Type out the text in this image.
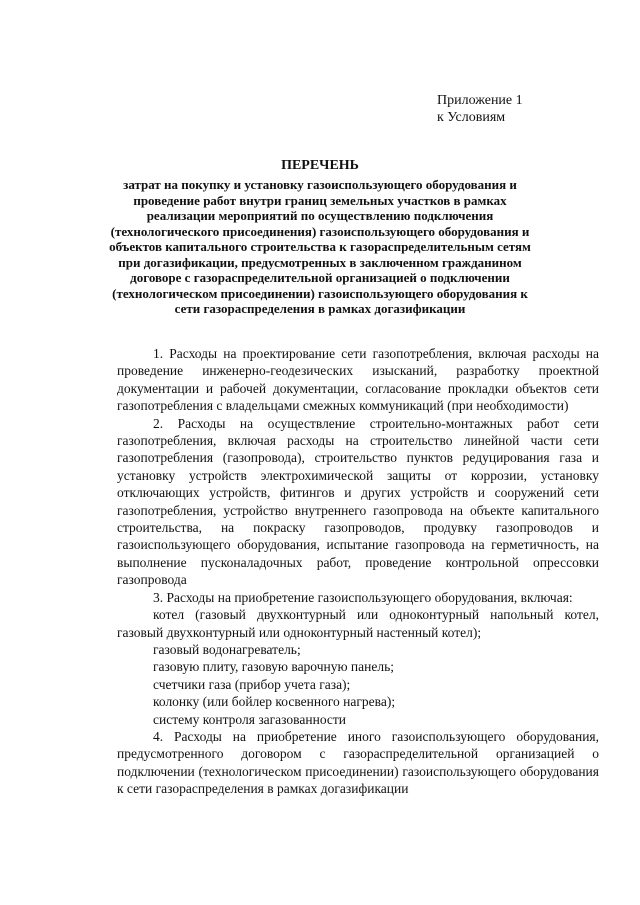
Приложение 1
к Условиям
ПЕРЕЧЕНЬ
затрат на покупку и установку газоиспользующего оборудования и проведение работ внутри границ земельных участков в рамках реализации мероприятий по осуществлению подключения (технологического присоединения) газоиспользующего оборудования и объектов капитального строительства к газораспределительным сетям при догазификации, предусмотренных в заключенном гражданином договоре с газораспределительной организацией о подключении (технологическом присоединении) газоиспользующего оборудования к сети газораспределения в рамках догазификации

1. Расходы на проектирование сети газопотребления, включая расходы на проведение инженерно-геодезических изысканий, разработку проектной документации и рабочей документации, согласование прокладки объектов сети газопотребления с владельцами смежных коммуникаций (при необходимости)

2. Расходы на осуществление строительно-монтажных работ сети газопотребления, включая расходы на строительство линейной части сети газопотребления (газопровода), строительство пунктов редуцирования газа и установку устройств электрохимической защиты от коррозии, установку отключающих устройств, фитингов и других устройств и сооружений сети газопотребления, устройство внутреннего газопровода на объекте капитального строительства, на покраску газопроводов, продувку газопроводов и газоиспользующего оборудования, испытание газопровода на герметичность, на выполнение пусконаладочных работ, проведение контрольной опрессовки газопровода

3. Расходы на приобретение газоиспользующего оборудования, включая:

котел (газовый двухконтурный или одноконтурный напольный котел, газовый двухконтурный или одноконтурный настенный котел);

газовый водонагреватель;

газовую плиту, газовую варочную панель;

счетчики газа (прибор учета газа);

колонку (или бойлер косвенного нагрева);

систему контроля загазованности

4. Расходы на приобретение иного газоиспользующего оборудования, предусмотренного договором с газораспределительной организацией о подключении (технологическом присоединении) газоиспользующего оборудования к сети газораспределения в рамках догазификации
